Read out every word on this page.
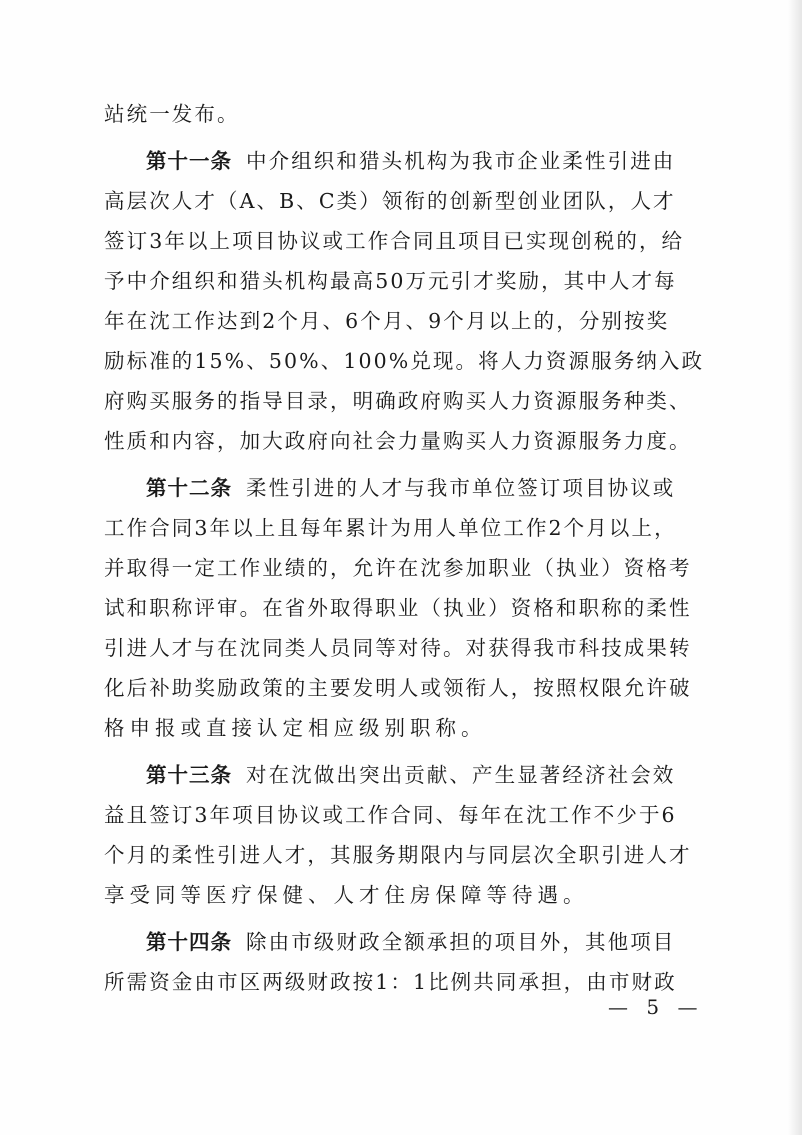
站统一发布。
第十一条 中介组织和猎头机构为我市企业柔性引进由
高层次人才（A、B、C类）领衔的创新型创业团队，人才
签订3年以上项目协议或工作合同且项目已实现创税的，给
予中介组织和猎头机构最高50万元引才奖励，其中人才每
年在沈工作达到2个月、6个月、9个月以上的，分别按奖
励标准的15%、50%、100%兑现。将人力资源服务纳入政
府购买服务的指导目录，明确政府购买人力资源服务种类、
性质和内容，加大政府向社会力量购买人力资源服务力度。
第十二条 柔性引进的人才与我市单位签订项目协议或
工作合同3年以上且每年累计为用人单位工作2个月以上，
并取得一定工作业绩的，允许在沈参加职业（执业）资格考
试和职称评审。在省外取得职业（执业）资格和职称的柔性
引进人才与在沈同类人员同等对待。对获得我市科技成果转
化后补助奖励政策的主要发明人或领衔人，按照权限允许破
格申报或直接认定相应级别职称。
第十三条 对在沈做出突出贡献、产生显著经济社会效
益且签订3年项目协议或工作合同、每年在沈工作不少于6
个月的柔性引进人才，其服务期限内与同层次全职引进人才
享受同等医疗保健、人才住房保障等待遇。
第十四条 除由市级财政全额承担的项目外，其他项目
所需资金由市区两级财政按1：1比例共同承担，由市财政
— 5 —
